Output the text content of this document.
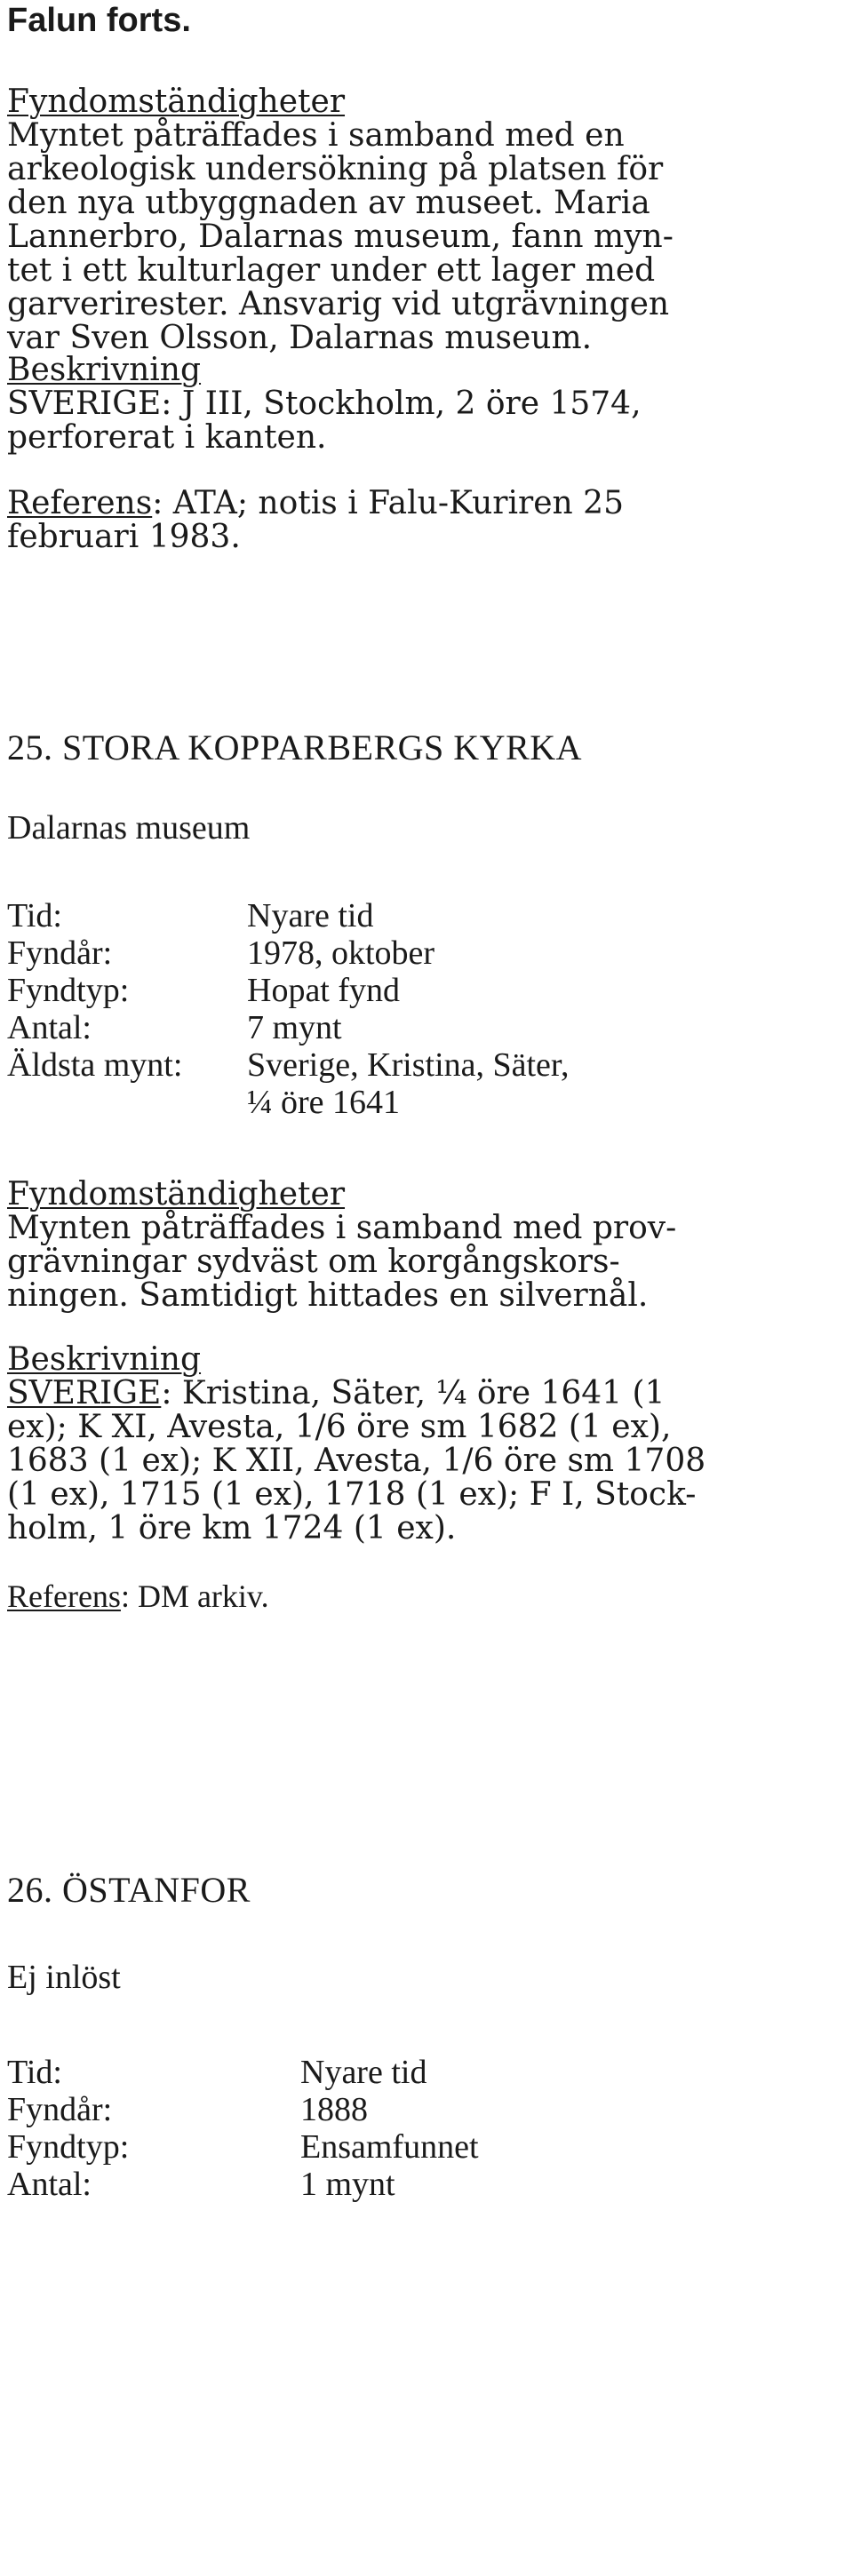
Falun forts.
Fyndomständigheter
Myntet påträffades i samband med en
arkeologisk undersökning på platsen för
den nya utbyggnaden av museet. Maria
Lannerbro, Dalarnas museum, fann myn-
tet i ett kulturlager under ett lager med
garverirester. Ansvarig vid utgrävningen
var Sven Olsson, Dalarnas museum.
Beskrivning
SVERIGE: J III, Stockholm, 2 öre 1574,
perforerat i kanten.
Referens: ATA; notis i Falu-Kuriren 25
februari 1983.
25. STORA KOPPARBERGS KYRKA
Dalarnas museum
Tid:	Nyare tid
Fyndår:	1978, oktober
Fyndtyp:	Hopat fynd
Antal:	7 mynt
Äldsta mynt:	Sverige, Kristina, Säter,
¼ öre 1641
Fyndomständigheter
Mynten påträffades i samband med prov-
grävningar sydväst om korgångskors-
ningen. Samtidigt hittades en silvernål.
Beskrivning
SVERIGE: Kristina, Säter, ¼ öre 1641 (1
ex); K XI, Avesta, 1/6 öre sm 1682 (1 ex),
1683 (1 ex); K XII, Avesta, 1/6 öre sm 1708
(1 ex), 1715 (1 ex), 1718 (1 ex); F I, Stock-
holm, 1 öre km 1724 (1 ex).
Referens: DM arkiv.
26. ÖSTANFOR
Ej inlöst
Tid:	Nyare tid
Fyndår:	1888
Fyndtyp:	Ensamfunnet
Antal:	1 mynt
